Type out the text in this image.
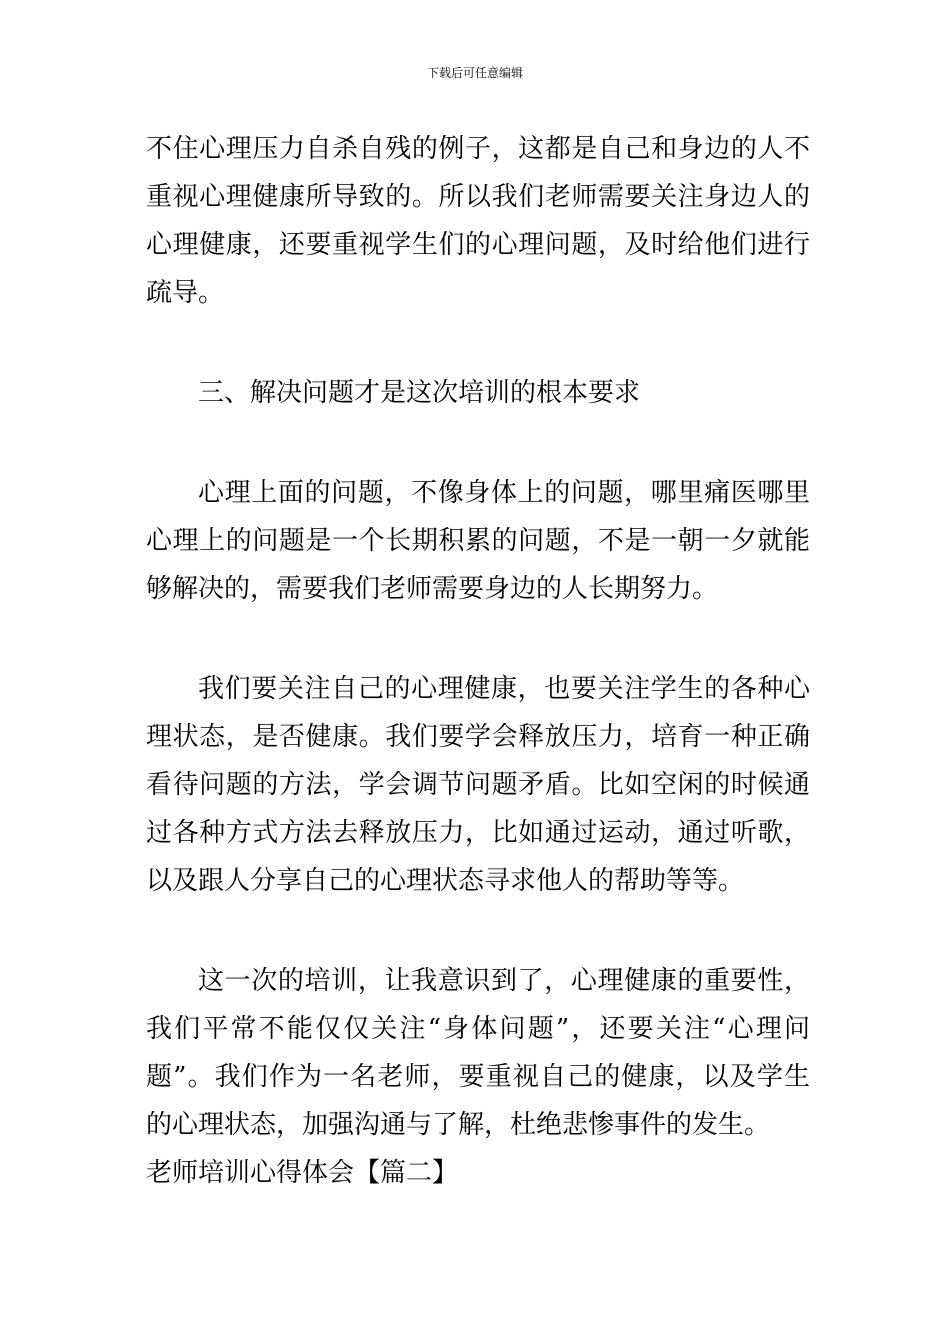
下载后可任意编辑
不住心理压力自杀自残的例子，这都是自己和身边的人不
重视心理健康所导致的。所以我们老师需要关注身边人的
心理健康，还要重视学生们的心理问题，及时给他们进行
疏导。
三、解决问题才是这次培训的根本要求
心理上面的问题，不像身体上的问题，哪里痛医哪里
心理上的问题是一个长期积累的问题，不是一朝一夕就能
够解决的，需要我们老师需要身边的人长期努力。
我们要关注自己的心理健康，也要关注学生的各种心
理状态，是否健康。我们要学会释放压力，培育一种正确
看待问题的方法，学会调节问题矛盾。比如空闲的时候通
过各种方式方法去释放压力，比如通过运动，通过听歌，
以及跟人分享自己的心理状态寻求他人的帮助等等。
这一次的培训，让我意识到了，心理健康的重要性，
我们平常不能仅仅关注“身体问题”，还要关注“心理问
题”。我们作为一名老师，要重视自己的健康，以及学生
的心理状态，加强沟通与了解，杜绝悲惨事件的发生。
老师培训心得体会【篇二】
